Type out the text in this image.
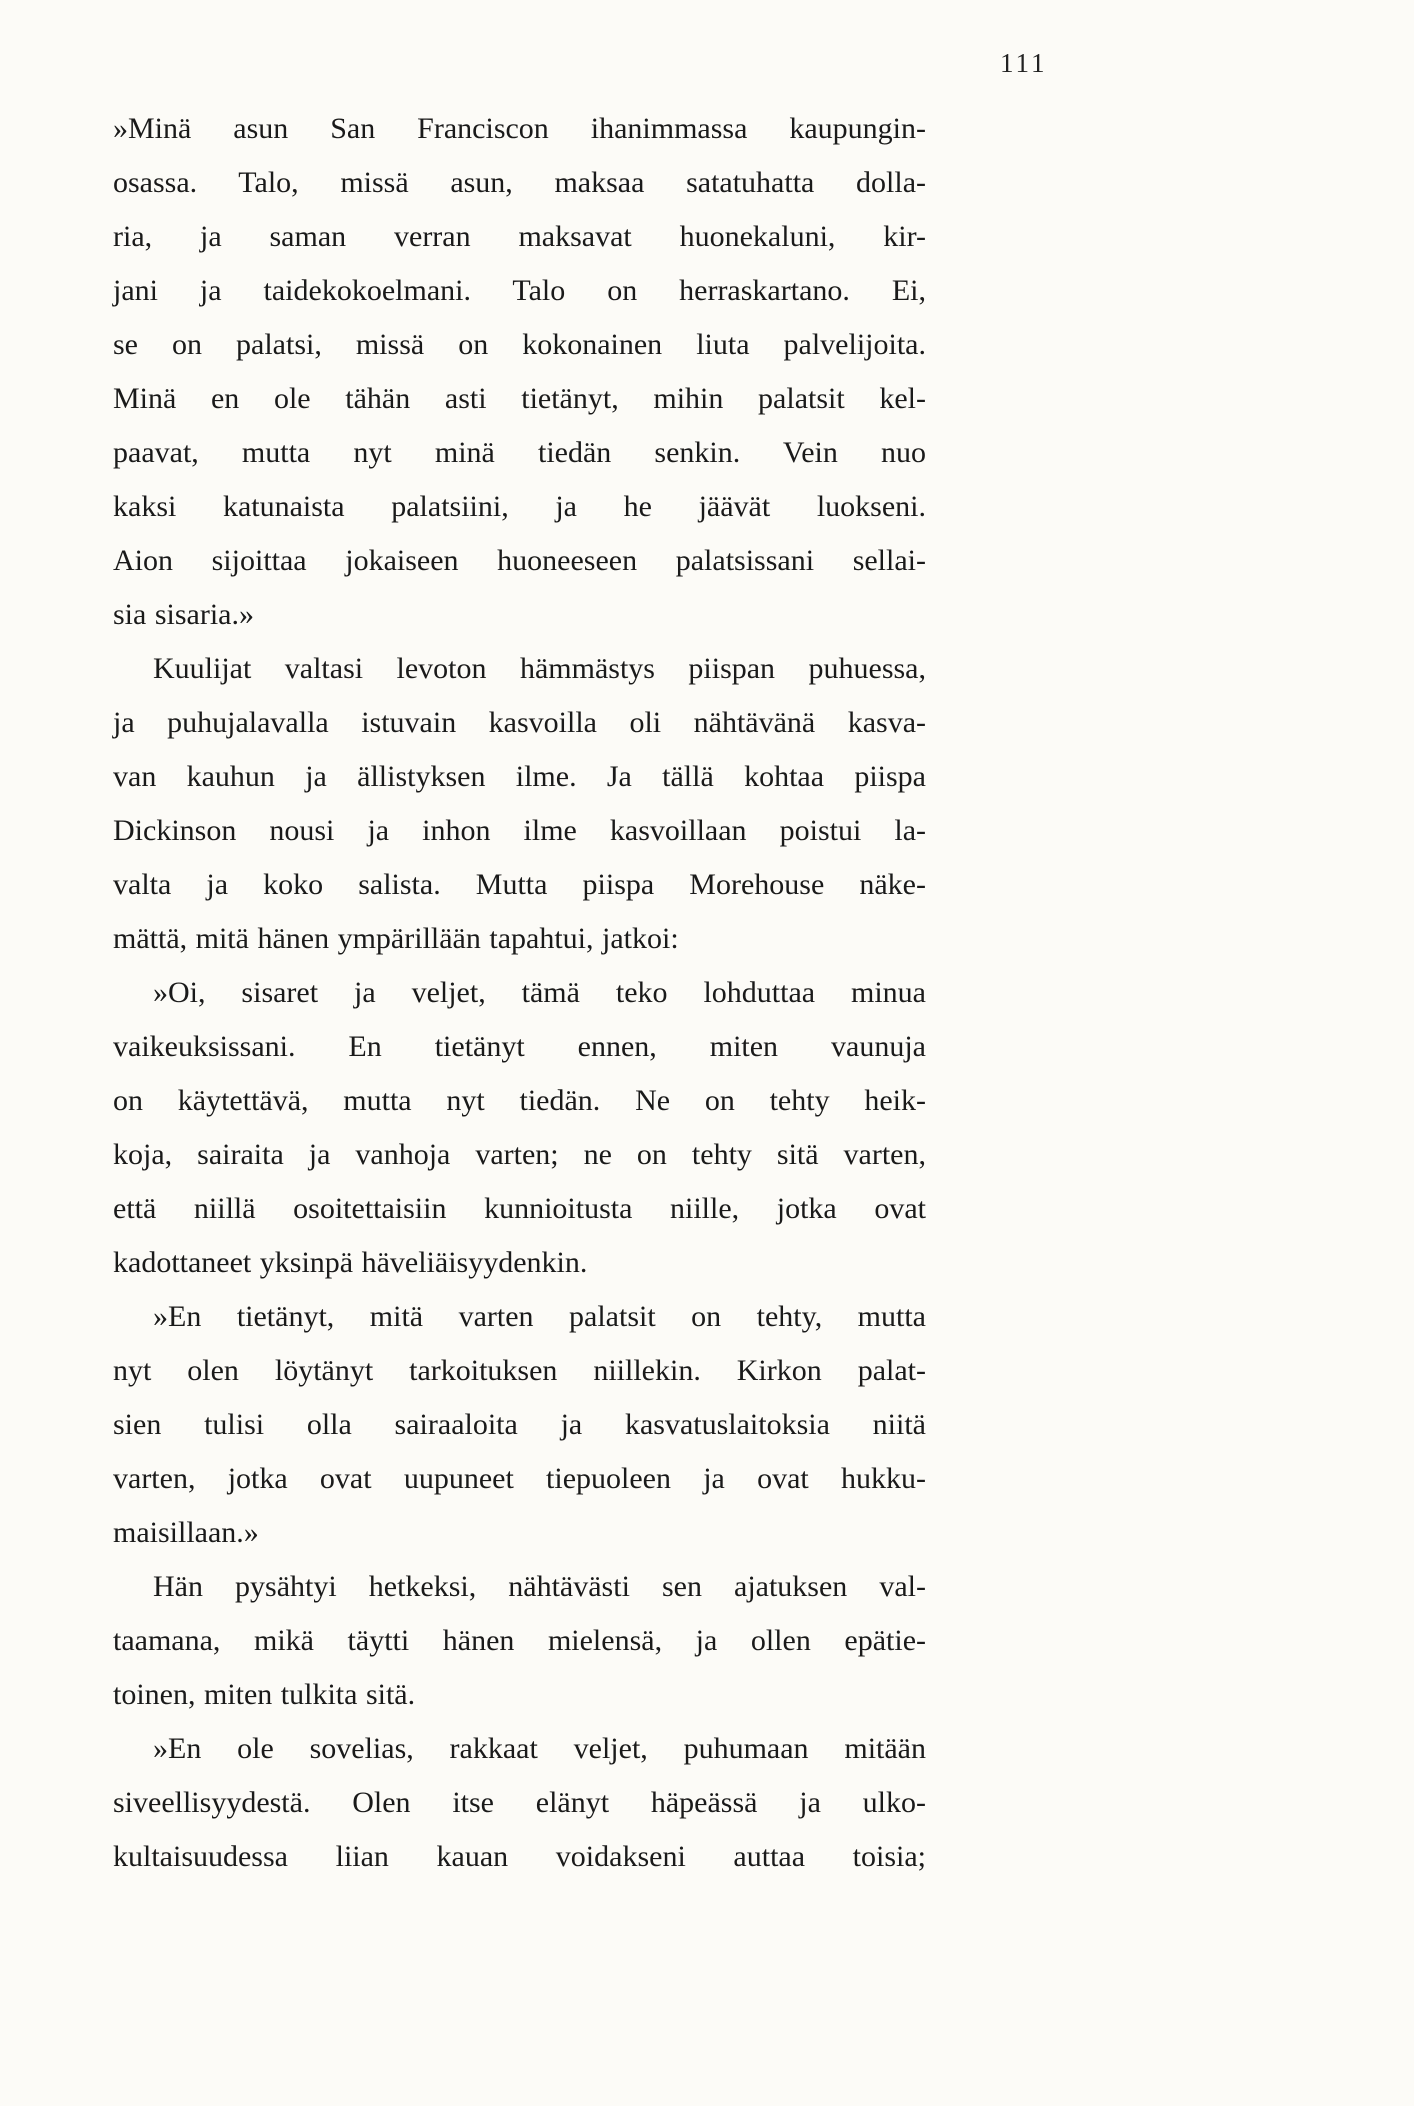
111
»Minä asun San Franciscon ihanimmassa kaupungin-
osassa. Talo, missä asun, maksaa satatuhatta dolla-
ria, ja saman verran maksavat huonekaluni, kir-
jani ja taidekokoelmani. Talo on herraskartano. Ei,
se on palatsi, missä on kokonainen liuta palvelijoita.
Minä en ole tähän asti tietänyt, mihin palatsit kel-
paavat, mutta nyt minä tiedän senkin. Vein nuo
kaksi katunaista palatsiini, ja he jäävät luokseni.
Aion sijoittaa jokaiseen huoneeseen palatsissani sellai-
sia sisaria.»
Kuulijat valtasi levoton hämmästys piispan puhuessa,
ja puhujalavalla istuvain kasvoilla oli nähtävänä kasva-
van kauhun ja ällistyksen ilme. Ja tällä kohtaa piispa
Dickinson nousi ja inhon ilme kasvoillaan poistui la-
valta ja koko salista. Mutta piispa Morehouse näke-
mättä, mitä hänen ympärillään tapahtui, jatkoi:
»Oi, sisaret ja veljet, tämä teko lohduttaa minua
vaikeuksissani. En tietänyt ennen, miten vaunuja
on käytettävä, mutta nyt tiedän. Ne on tehty heik-
koja, sairaita ja vanhoja varten; ne on tehty sitä varten,
että niillä osoitettaisiin kunnioitusta niille, jotka ovat
kadottaneet yksinpä häveliäisyydenkin.
»En tietänyt, mitä varten palatsit on tehty, mutta
nyt olen löytänyt tarkoituksen niillekin. Kirkon palat-
sien tulisi olla sairaaloita ja kasvatuslaitoksia niitä
varten, jotka ovat uupuneet tiepuoleen ja ovat hukku-
maisillaan.»
Hän pysähtyi hetkeksi, nähtävästi sen ajatuksen val-
taamana, mikä täytti hänen mielensä, ja ollen epätie-
toinen, miten tulkita sitä.
»En ole sovelias, rakkaat veljet, puhumaan mitään
siveellisyydestä. Olen itse elänyt häpeässä ja ulko-
kultaisuudessa liian kauan voidakseni auttaa toisia;
